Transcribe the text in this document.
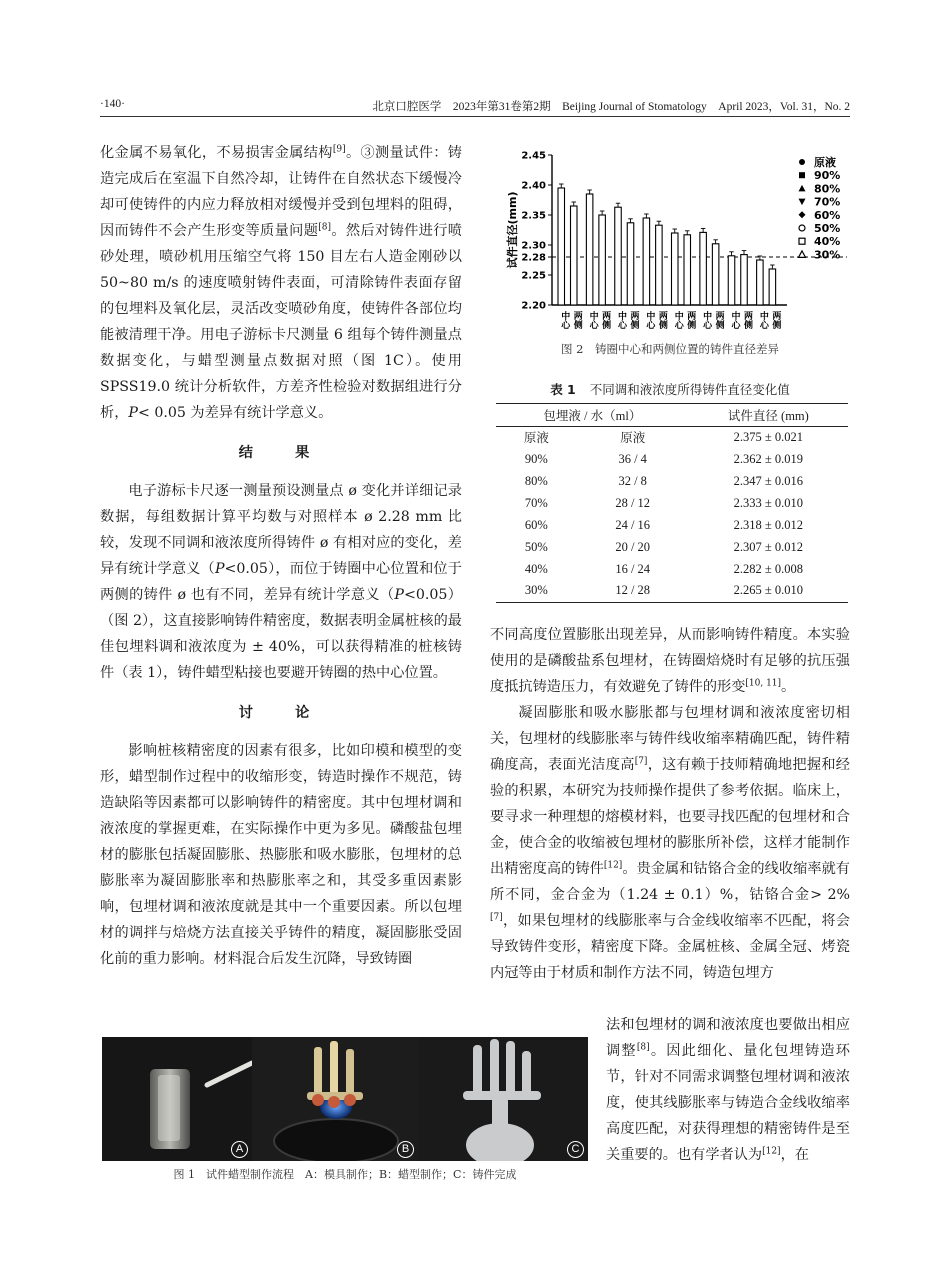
·140·	北京口腔医学　2023年第31卷第2期　Beijing Journal of Stomatology　April 2023，Vol. 31，No. 2

化金属不易氧化，不易损害金属结构[9]。③测量试件：铸造完成后在室温下自然冷却，让铸件在自然状态下缓慢冷却可使铸件的内应力释放相对缓慢并受到包埋料的阻碍，因而铸件不会产生形变等质量问题[8]。然后对铸件进行喷砂处理，喷砂机用压缩空气将 150 目左右人造金刚砂以 50~80 m/s 的速度喷射铸件表面，可清除铸件表面存留的包埋料及氧化层，灵活改变喷砂角度，使铸件各部位均能被清理干净。用电子游标卡尺测量 6 组每个铸件测量点数据变化，与蜡型测量点数据对照（图 1C）。使用 SPSS19.0 统计分析软件，方差齐性检验对数据组进行分析，P< 0.05 为差异有统计学意义。

结　果

电子游标卡尺逐一测量预设测量点 ø 变化并详细记录数据，每组数据计算平均数与对照样本 ø 2.28 mm 比较，发现不同调和液浓度所得铸件 ø 有相对应的变化，差异有统计学意义（P<0.05），而位于铸圈中心位置和位于两侧的铸件 ø 也有不同，差异有统计学意义（P<0.05）（图 2），这直接影响铸件精密度，数据表明金属桩核的最佳包埋料调和液浓度为 ± 40%，可以获得精准的桩核铸件（表 1），铸件蜡型粘接也要避开铸圈的热中心位置。

讨　论

影响桩核精密度的因素有很多，比如印模和模型的变形，蜡型制作过程中的收缩形变，铸造时操作不规范，铸造缺陷等因素都可以影响铸件的精密度。其中包埋材调和液浓度的掌握更难，在实际操作中更为多见。磷酸盐包埋材的膨胀包括凝固膨胀、热膨胀和吸水膨胀，包埋材的总膨胀率为凝固膨胀率和热膨胀率之和，其受多重因素影响，包埋材调和液浓度就是其中一个重要因素。所以包埋材的调拌与焙烧方法直接关乎铸件的精度，凝固膨胀受固化前的重力影响。材料混合后发生沉降，导致铸圈

试件直径(mm)
2.20
2.25
2.28
2.30
2.35
2.40
2.45
中心 两侧 中心 两侧 中心 两侧 中心 两侧 中心 两侧 中心 两侧 中心 两侧 中心 两侧
原液
90%
80%
70%
60%
50%
40%
30%
图 2　铸圈中心和两侧位置的铸件直径差异
表 1 不同调和液浓度所得铸件直径变化值
包埋液 / 水（ml）		试件直径 (mm)

原液	原液	2.375 ± 0.021
90%	36 / 4	2.362 ± 0.019
80%	32 / 8	2.347 ± 0.016
70%	28 / 12	2.333 ± 0.010
60%	24 / 16	2.318 ± 0.012
50%	20 / 20	2.307 ± 0.012
40%	16 / 24	2.282 ± 0.008
30%	12 / 28	2.265 ± 0.010

不同高度位置膨胀出现差异，从而影响铸件精度。本实验使用的是磷酸盐系包埋材，在铸圈焙烧时有足够的抗压强度抵抗铸造压力，有效避免了铸件的形变[10, 11]。

凝固膨胀和吸水膨胀都与包埋材调和液浓度密切相关，包埋材的线膨胀率与铸件线收缩率精确匹配，铸件精确度高，表面光洁度高[7]，这有赖于技师精确地把握和经验的积累，本研究为技师操作提供了参考依据。临床上，要寻求一种理想的熔模材料，也要寻找匹配的包埋材和合金，使合金的收缩被包埋材的膨胀所补偿，这样才能制作出精密度高的铸件[12]。贵金属和钴铬合金的线收缩率就有所不同，金合金为（1.24 ± 0.1）%，钴铬合金> 2%[7]，如果包埋材的线膨胀率与合金线收缩率不匹配，将会导致铸件变形，精密度下降。金属桩核、金属全冠、烤瓷内冠等由于材质和制作方法不同，铸造包埋方

法和包埋材的调和液浓度也要做出相应调整[8]。因此细化、量化包埋铸造环节，针对不同需求调整包埋材调和液浓度，使其线膨胀率与铸造合金线收缩率高度匹配，对获得理想的精密铸件是至关重要的。也有学者认为[12]，在

A	B	C
图 1　试件蜡型制作流程　A：模具制作；B：蜡型制作；C：铸件完成
